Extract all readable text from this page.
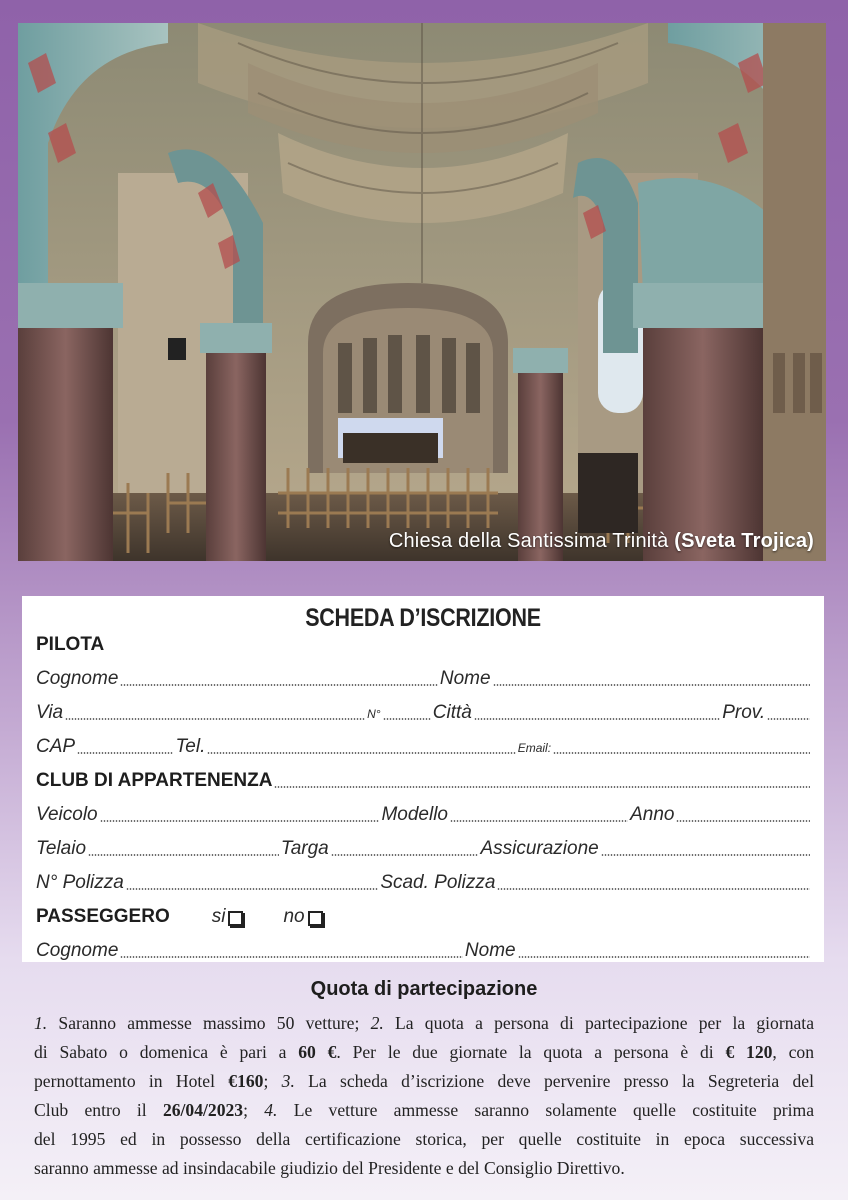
Chiesa della Santissima Trinità (Sveta Trojica)
SCHEDA D’ISCRIZIONE
PILOTA
Cognome	Nome
Via	N°	Città	Prov.
CAP	Tel.	Email:
CLUB DI APPARTENENZA
Veicolo	Modello	Anno
Telaio	Targa	Assicurazione
N° Polizza	Scad. Polizza
PASSEGGERO si	no
Cognome	Nome
Quota di partecipazione
1. Saranno ammesse massimo 50 vetture; 2. La quota a persona di partecipazione per la giornata
di Sabato o domenica è pari a 60 €. Per le due giornate la quota a persona è di € 120, con
pernottamento in Hotel €160; 3. La scheda d’iscrizione deve pervenire presso la Segreteria del
Club entro il 26/04/2023; 4. Le vetture ammesse saranno solamente quelle costituite prima
del 1995 ed in possesso della certificazione storica, per quelle costituite in epoca successiva
saranno ammesse ad insindacabile giudizio del Presidente e del Consiglio Direttivo.
